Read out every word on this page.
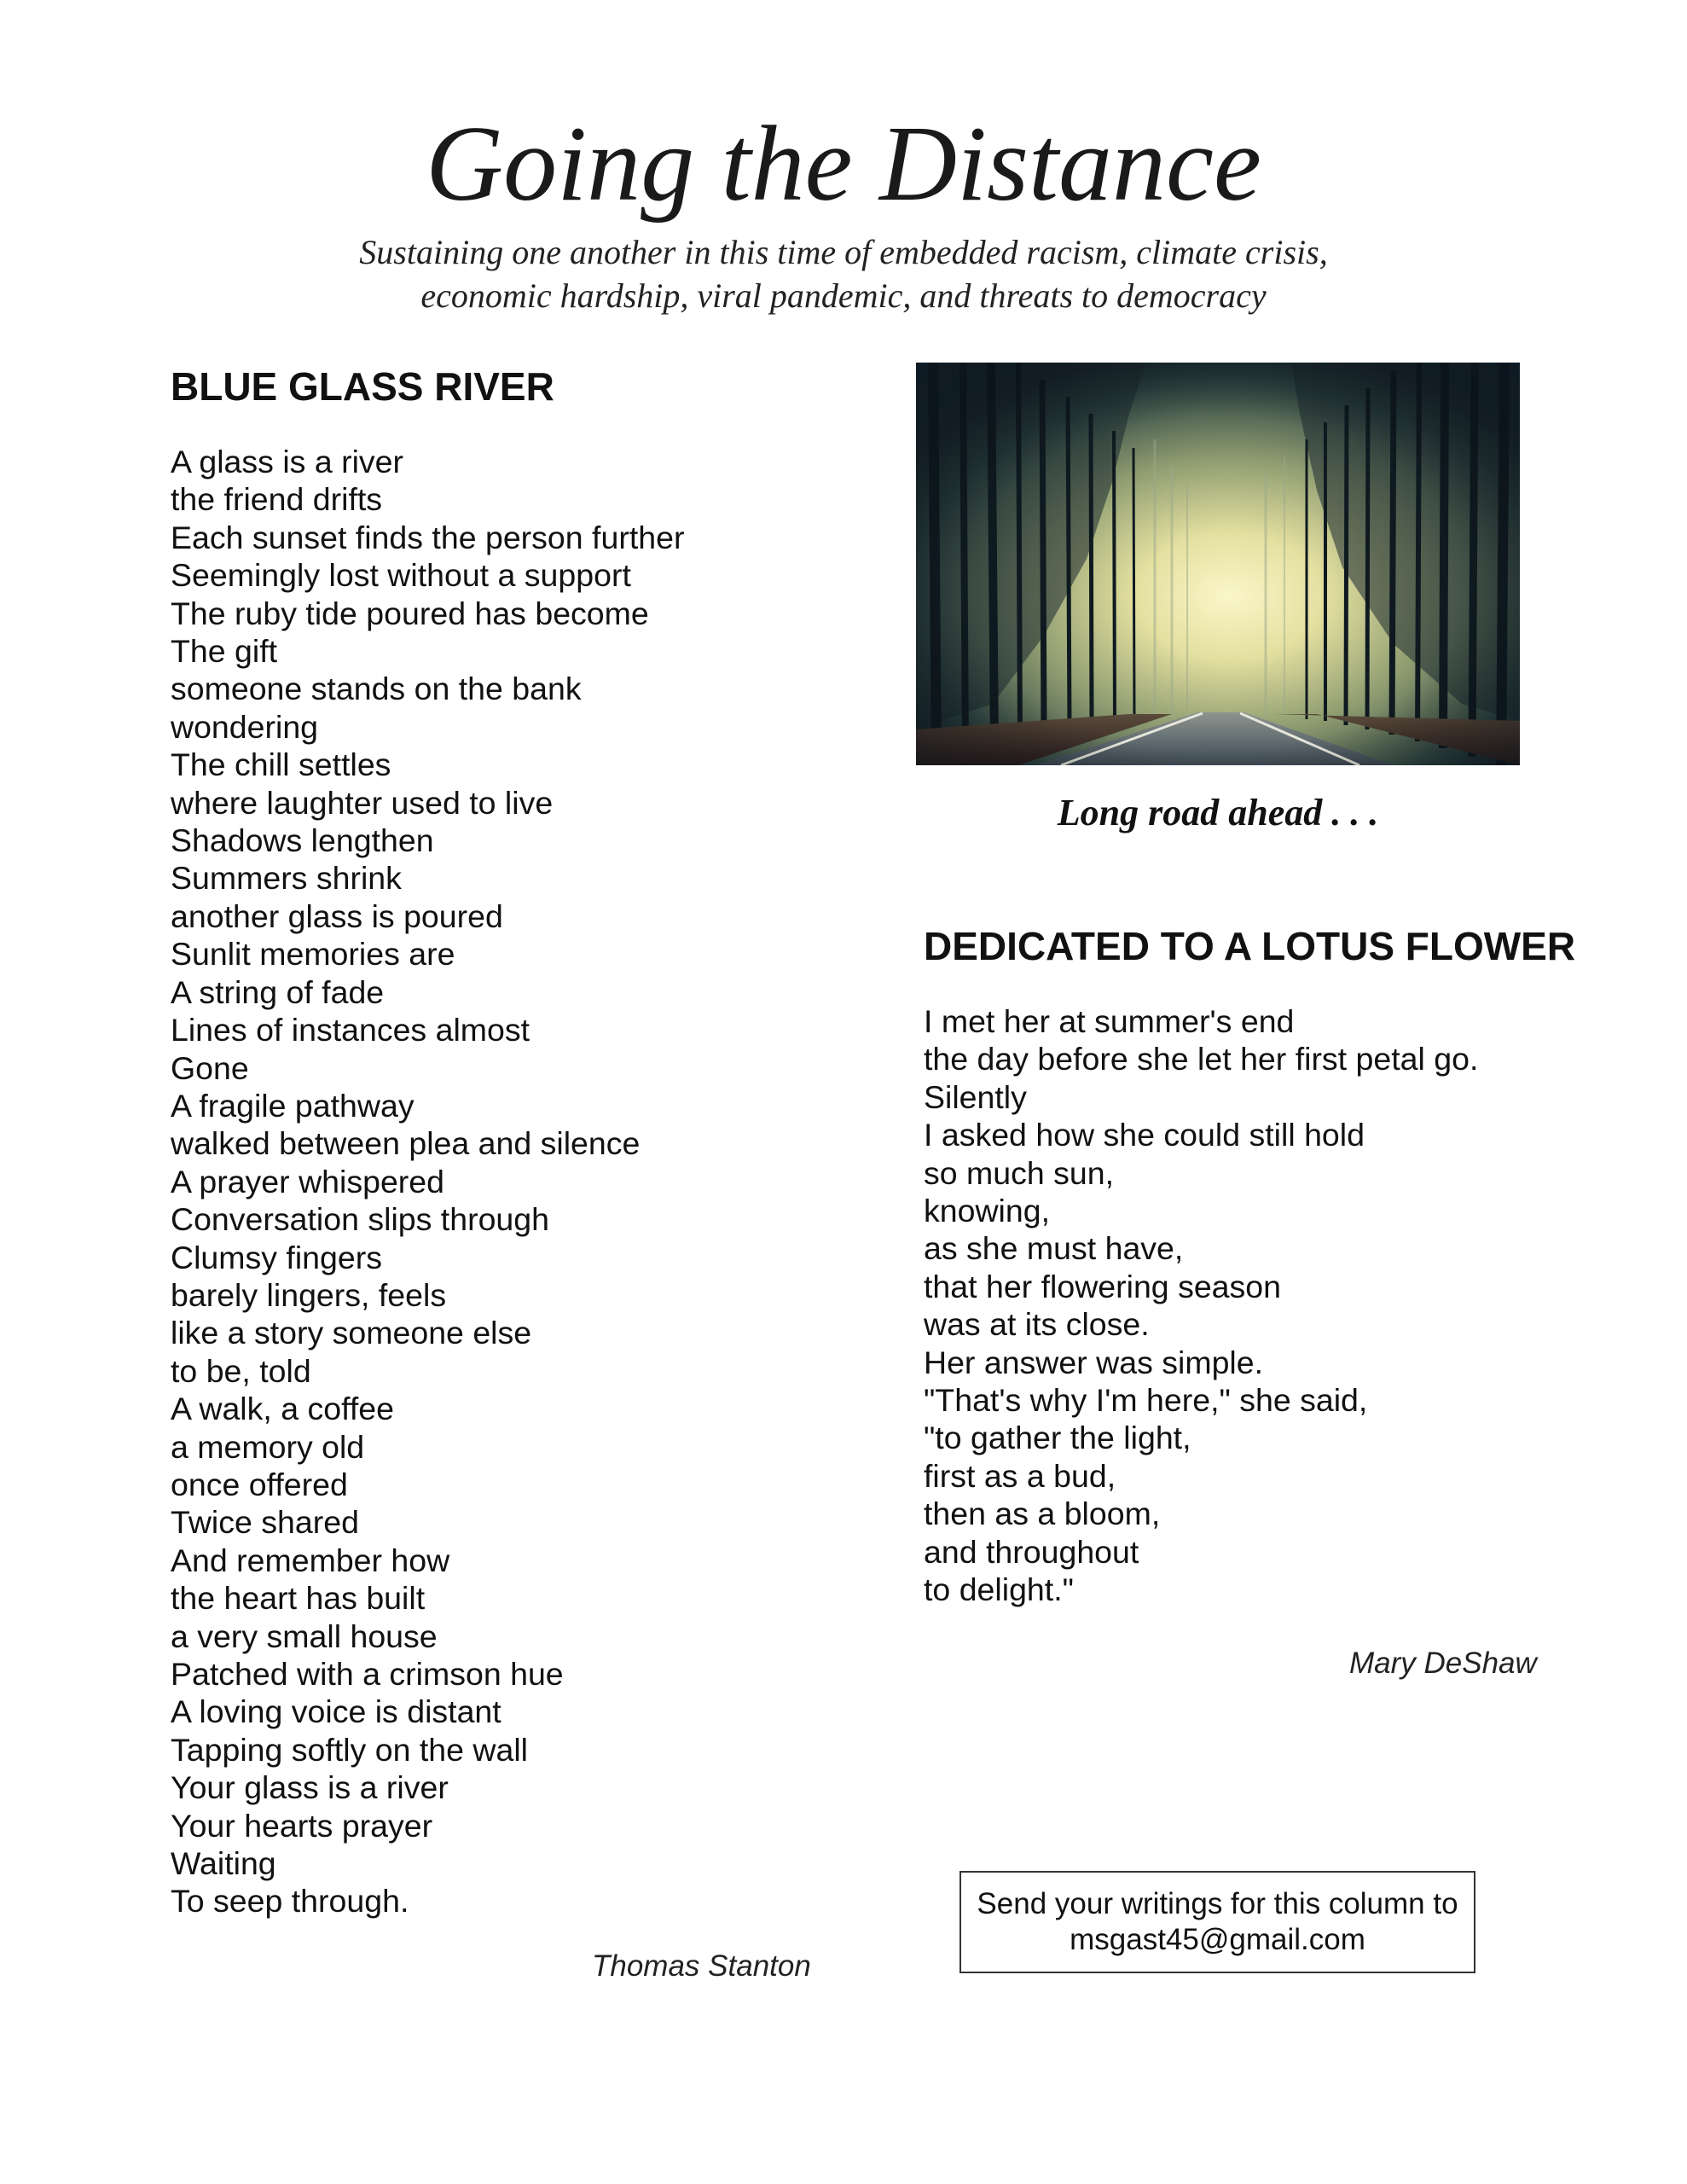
Going the Distance
Sustaining one another in this time of embedded racism, climate crisis,
economic hardship, viral pandemic, and threats to democracy
BLUE GLASS RIVER
A glass is a river
the friend drifts
Each sunset finds the person further
Seemingly lost without a support
The ruby tide poured has become
The gift
someone stands on the bank
wondering
The chill settles
where laughter used to live
Shadows lengthen
Summers shrink
another glass is poured
Sunlit memories are
A string of fade
Lines of instances almost
Gone
A fragile pathway
walked between plea and silence
A prayer whispered
Conversation slips through
Clumsy fingers
barely lingers, feels
like a story someone else
to be, told
A walk, a coffee
a memory old
once offered
Twice shared
And remember how
the heart has built
a very small house
Patched with a crimson hue
A loving voice is distant
Tapping softly on the wall
Your glass is a river
Your hearts prayer
Waiting
To seep through.
Thomas Stanton
Long road ahead . . .
DEDICATED TO A LOTUS FLOWER
I met her at summer's end
the day before she let her first petal go.
Silently
I asked how she could still hold
so much sun,
knowing,
as she must have,
that her flowering season
was at its close.
Her answer was simple.
"That's why I'm here," she said,
"to gather the light,
first as a bud,
then as a bloom,
and throughout
to delight."
Mary DeShaw
Send your writings for this column to
msgast45@gmail.com
